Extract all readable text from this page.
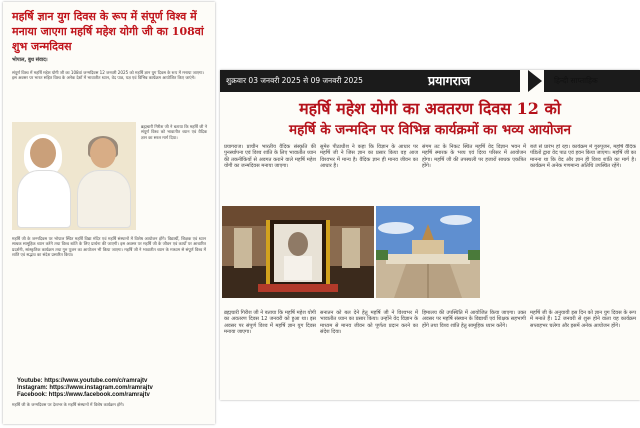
महर्षि ज्ञान युग दिवस के रूप में संपूर्ण विश्व में मनाया जाएगा महर्षि महेश योगी जी का 108वां शुभ जन्मदिवस
भोपाल, बुध संवाद।
संपूर्ण विश्व में महर्षि महेश योगी जी का 108वां जन्मदिवस 12 जनवरी 2025 को महर्षि ज्ञान युग दिवस के रूप में मनाया जाएगा। इस अवसर पर भारत सहित विश्व के अनेक देशों में भावातीत ध्यान, वेद पाठ, यज्ञ एवं विभिन्न कार्यक्रम आयोजित किए जाएंगे।
ब्रह्मचारी गिरीश जी ने बताया कि महर्षि जी ने संपूर्ण विश्व को भावातीत ध्यान एवं वैदिक ज्ञान का सरल मार्ग दिया।
महर्षि जी के जन्मदिवस पर भोपाल स्थित महर्षि विद्या मंदिर एवं महर्षि संस्थानों में विशेष आयोजन होंगे। विद्यार्थी, शिक्षक एवं ध्यान साधक सामूहिक ध्यान करेंगे तथा विश्व शांति के लिए प्रार्थना की जाएगी। इस अवसर पर महर्षि जी के जीवन एवं कार्यों पर आधारित प्रदर्शनी, सांस्कृतिक कार्यक्रम तथा गुरु पूजन का आयोजन भी किया जाएगा। महर्षि जी ने भावातीत ध्यान के माध्यम से संपूर्ण विश्व में शांति एवं सद्भाव का संदेश प्रसारित किया।
Youtube: https://www.youtube.com/c/ramrajtv
Instagram: https://www.instagram.com/ramrajtv
Facebook: https://www.facebook.com/ramrajtv
महर्षि जी के जन्मदिवस पर देशभर के महर्षि संस्थानों में विशेष कार्यक्रम होंगे।
शुक्रवार 03 जनवरी 2025 से 09 जनवरी 2025	प्रयागराज	हिन्दी साप्ताहिक
महर्षि महेश योगी का अवतरण दिवस 12 को
महर्षि के जन्मदिन पर विभिन्न कार्यक्रमों का भव्य आयोजन
प्रयागराज। प्राचीन भारतीय वैदिक संस्कृति की पुनर्स्थापना एवं विश्व शांति के लिए भावातीत ध्यान की तकनीकियों से अवगत कराने वाले महर्षि महेश योगी का जन्मदिवस मनाया जाएगा।
सुमेरु पीठाधीश ने कहा कि विज्ञान के आधार पर महर्षि जी ने जिस ज्ञान का प्रसार किया वह आज विश्वभर में मान्य है। वैदिक ज्ञान ही मानव जीवन का आधार है।
संगम तट के निकट स्थित महर्षि वेद विज्ञान भवन में महर्षि स्मारक के भव्य एवं दिव्य परिसर में आयोजन होगा। महर्षि जी की तपस्थली पर हजारों साधक एकत्रित होंगे।
बजे से प्रारंभ हो रहा। कार्यक्रम में गुरुपूजन, महर्षि वैदिक पंडितों द्वारा वेद पाठ एवं हवन किया जाएगा। महर्षि जी का मानना था कि वेद और ज्ञान ही विश्व शांति का मार्ग है। कार्यक्रम में अनेक गणमान्य अतिथि उपस्थित रहेंगे।
ब्रह्मचारी गिरीश जी ने बताया कि महर्षि महेश योगी का अवतरण दिवस 12 जनवरी को हुआ था। इस अवसर पर संपूर्ण विश्व में महर्षि ज्ञान युग दिवस मनाया जाएगा।
सनातन को बल देने हेतु महर्षि जी ने विश्वभर में भावातीत ध्यान का प्रसार किया। उन्होंने वेद विज्ञान के माध्यम से मानव जीवन को पूर्णता प्रदान करने का संदेश दिया।
हिमालय की उपस्थिति में आयोजित किया जाएगा। उक्त अवसर पर महर्षि संस्थान के विद्यार्थी एवं शिक्षक सहभागी होंगे तथा विश्व शांति हेतु सामूहिक ध्यान करेंगे।
महर्षि जी के अनुयायी इस दिन को ज्ञान युग दिवस के रूप में मनाते हैं। 12 जनवरी से शुरू होने वाला यह कार्यक्रम सप्ताहभर चलेगा और इसमें अनेक आयोजन होंगे।
